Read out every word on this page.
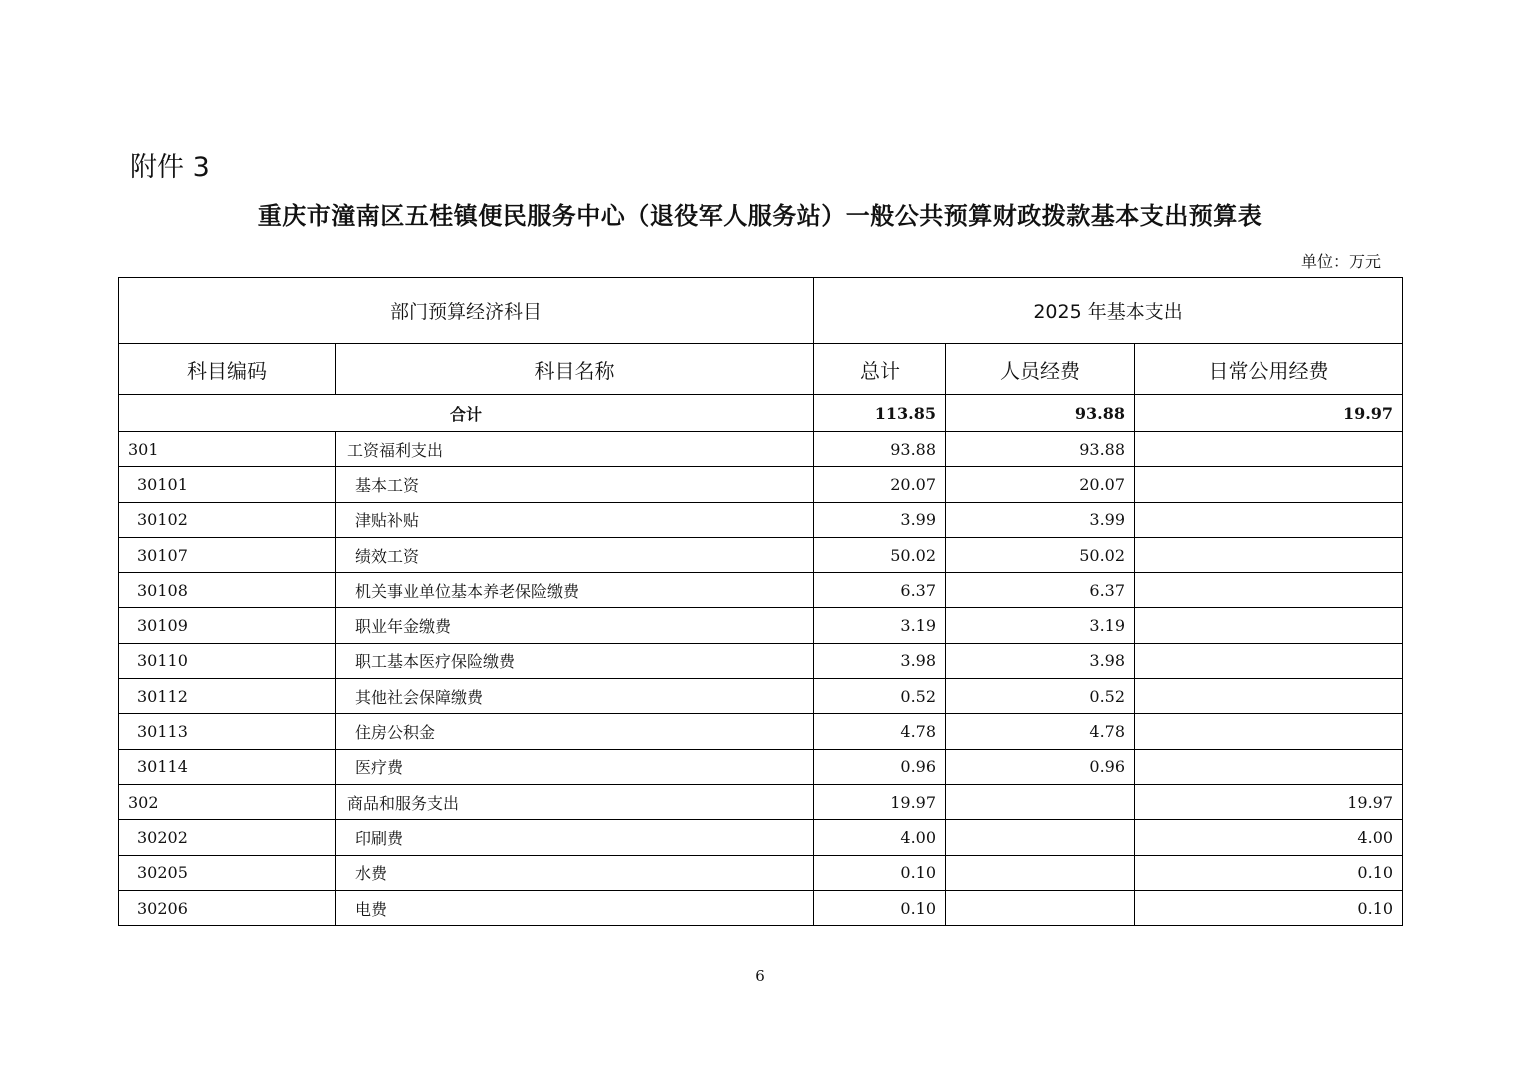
附件 3
重庆市潼南区五桂镇便民服务中心（退役军人服务站）一般公共预算财政拨款基本支出预算表
单位：万元
部门预算经济科目		2025 年基本支出		
科目编码	科目名称	总计	人员经费	日常公用经费
合计		113.85	93.88	19.97
301	工资福利支出	93.88	93.88	
30101	基本工资	20.07	20.07	
30102	津贴补贴	3.99	3.99	
30107	绩效工资	50.02	50.02	
30108	机关事业单位基本养老保险缴费	6.37	6.37	
30109	职业年金缴费	3.19	3.19	
30110	职工基本医疗保险缴费	3.98	3.98	
30112	其他社会保障缴费	0.52	0.52	
30113	住房公积金	4.78	4.78	
30114	医疗费	0.96	0.96	
302	商品和服务支出	19.97		19.97
30202	印刷费	4.00		4.00
30205	水费	0.10		0.10
30206	电费	0.10		0.10
6
